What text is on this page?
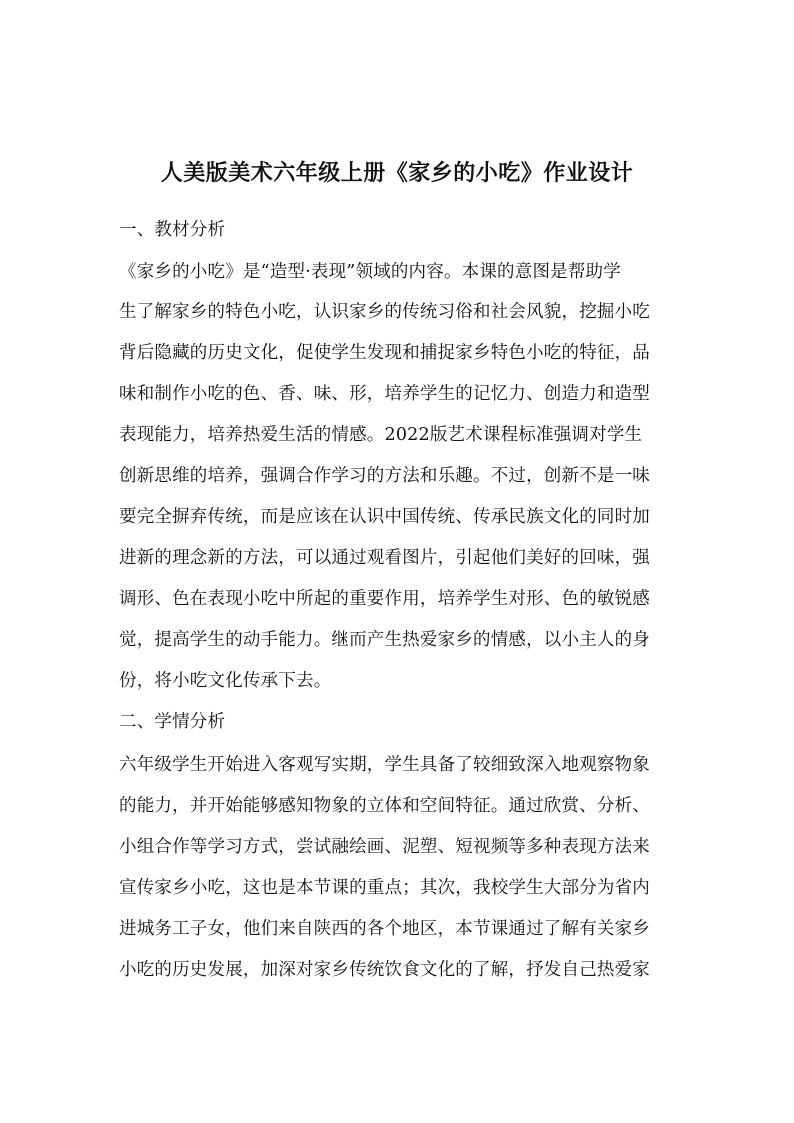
人美版美术六年级上册《家乡的小吃》作业设计
一、教材分析
《家乡的小吃》是“造型·表现”领域的内容。本课的意图是帮助学
生了解家乡的特色小吃，认识家乡的传统习俗和社会风貌，挖掘小吃
背后隐藏的历史文化，促使学生发现和捕捉家乡特色小吃的特征，品
味和制作小吃的色、香、味、形，培养学生的记忆力、创造力和造型
表现能力，培养热爱生活的情感。2022版艺术课程标准强调对学生
创新思维的培养，强调合作学习的方法和乐趣。不过，创新不是一味
要完全摒弃传统，而是应该在认识中国传统、传承民族文化的同时加
进新的理念新的方法，可以通过观看图片，引起他们美好的回味，强
调形、色在表现小吃中所起的重要作用，培养学生对形、色的敏锐感
觉，提高学生的动手能力。继而产生热爱家乡的情感，以小主人的身
份，将小吃文化传承下去。
二、学情分析
六年级学生开始进入客观写实期，学生具备了较细致深入地观察物象
的能力，并开始能够感知物象的立体和空间特征。通过欣赏、分析、
小组合作等学习方式，尝试融绘画、泥塑、短视频等多种表现方法来
宣传家乡小吃，这也是本节课的重点；其次，我校学生大部分为省内
进城务工子女，他们来自陕西的各个地区，本节课通过了解有关家乡
小吃的历史发展，加深对家乡传统饮食文化的了解，抒发自己热爱家
